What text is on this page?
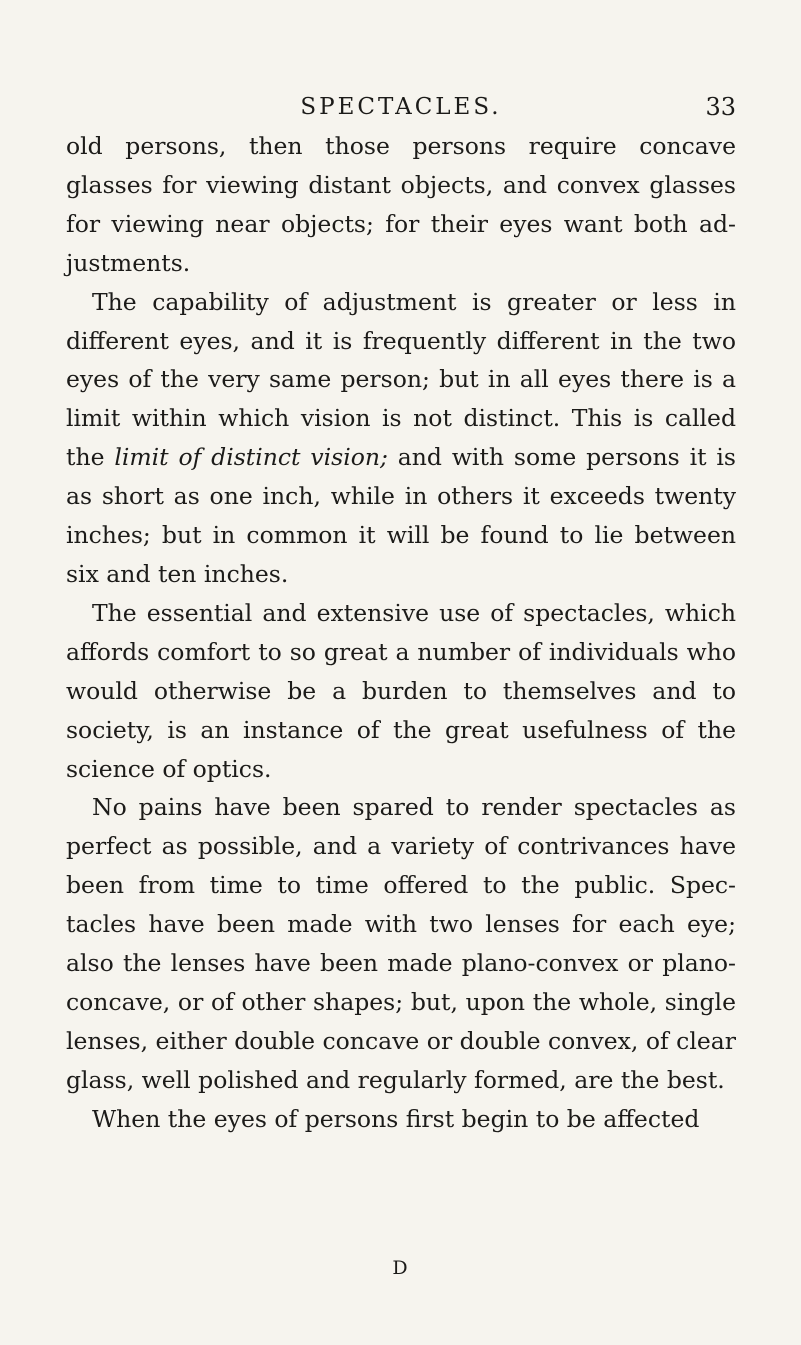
SPECTACLES.	33

old persons, then those persons require concave glasses for viewing distant objects, and convex glasses for viewing near objects; for their eyes want both ad-justments.

The capability of adjustment is greater or less in different eyes, and it is frequently different in the two eyes of the very same person; but in all eyes there is a limit within which vision is not distinct. This is called the limit of distinct vision; and with some persons it is as short as one inch, while in others it exceeds twenty inches; but in common it will be found to lie between six and ten inches.

The essential and extensive use of spectacles, which affords comfort to so great a number of individuals who would otherwise be a burden to themselves and to society, is an instance of the great usefulness of the science of optics.

No pains have been spared to render spectacles as perfect as possible, and a variety of contrivances have been from time to time offered to the public. Spec-tacles have been made with two lenses for each eye; also the lenses have been made plano-convex or plano-concave, or of other shapes; but, upon the whole, single lenses, either double concave or double convex, of clear glass, well polished and regularly formed, are the best.

When the eyes of persons first begin to be affected

D
